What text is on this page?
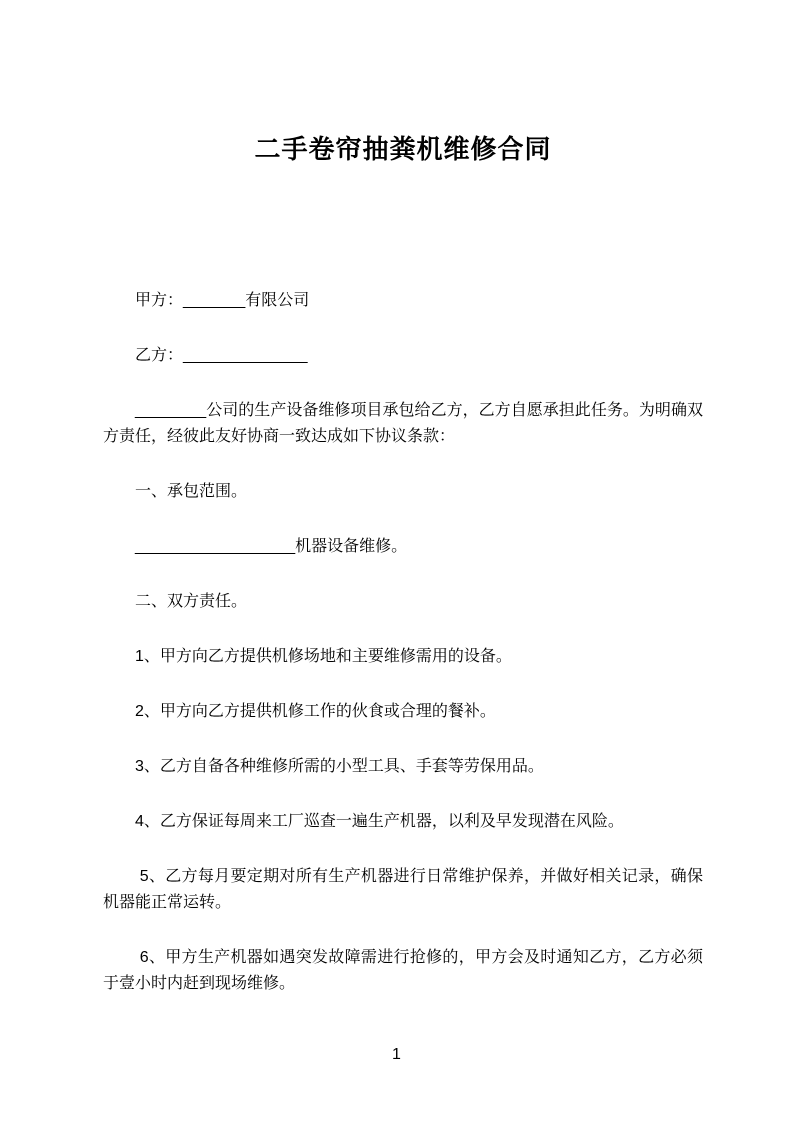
二手卷帘抽粪机维修合同

甲方：_______有限公司

乙方：______________

________公司的生产设备维修项目承包给乙方，乙方自愿承担此任务。为明确双方责任，经彼此友好协商一致达成如下协议条款：

一、承包范围。

__________________机器设备维修。

二、双方责任。

1、甲方向乙方提供机修场地和主要维修需用的设备。

2、甲方向乙方提供机修工作的伙食或合理的餐补。

3、乙方自备各种维修所需的小型工具、手套等劳保用品。

4、乙方保证每周来工厂巡查一遍生产机器，以利及早发现潜在风险。

5、乙方每月要定期对所有生产机器进行日常维护保养，并做好相关记录，确保机器能正常运转。

6、甲方生产机器如遇突发故障需进行抢修的，甲方会及时通知乙方，乙方必须于壹小时内赶到现场维修。

1
